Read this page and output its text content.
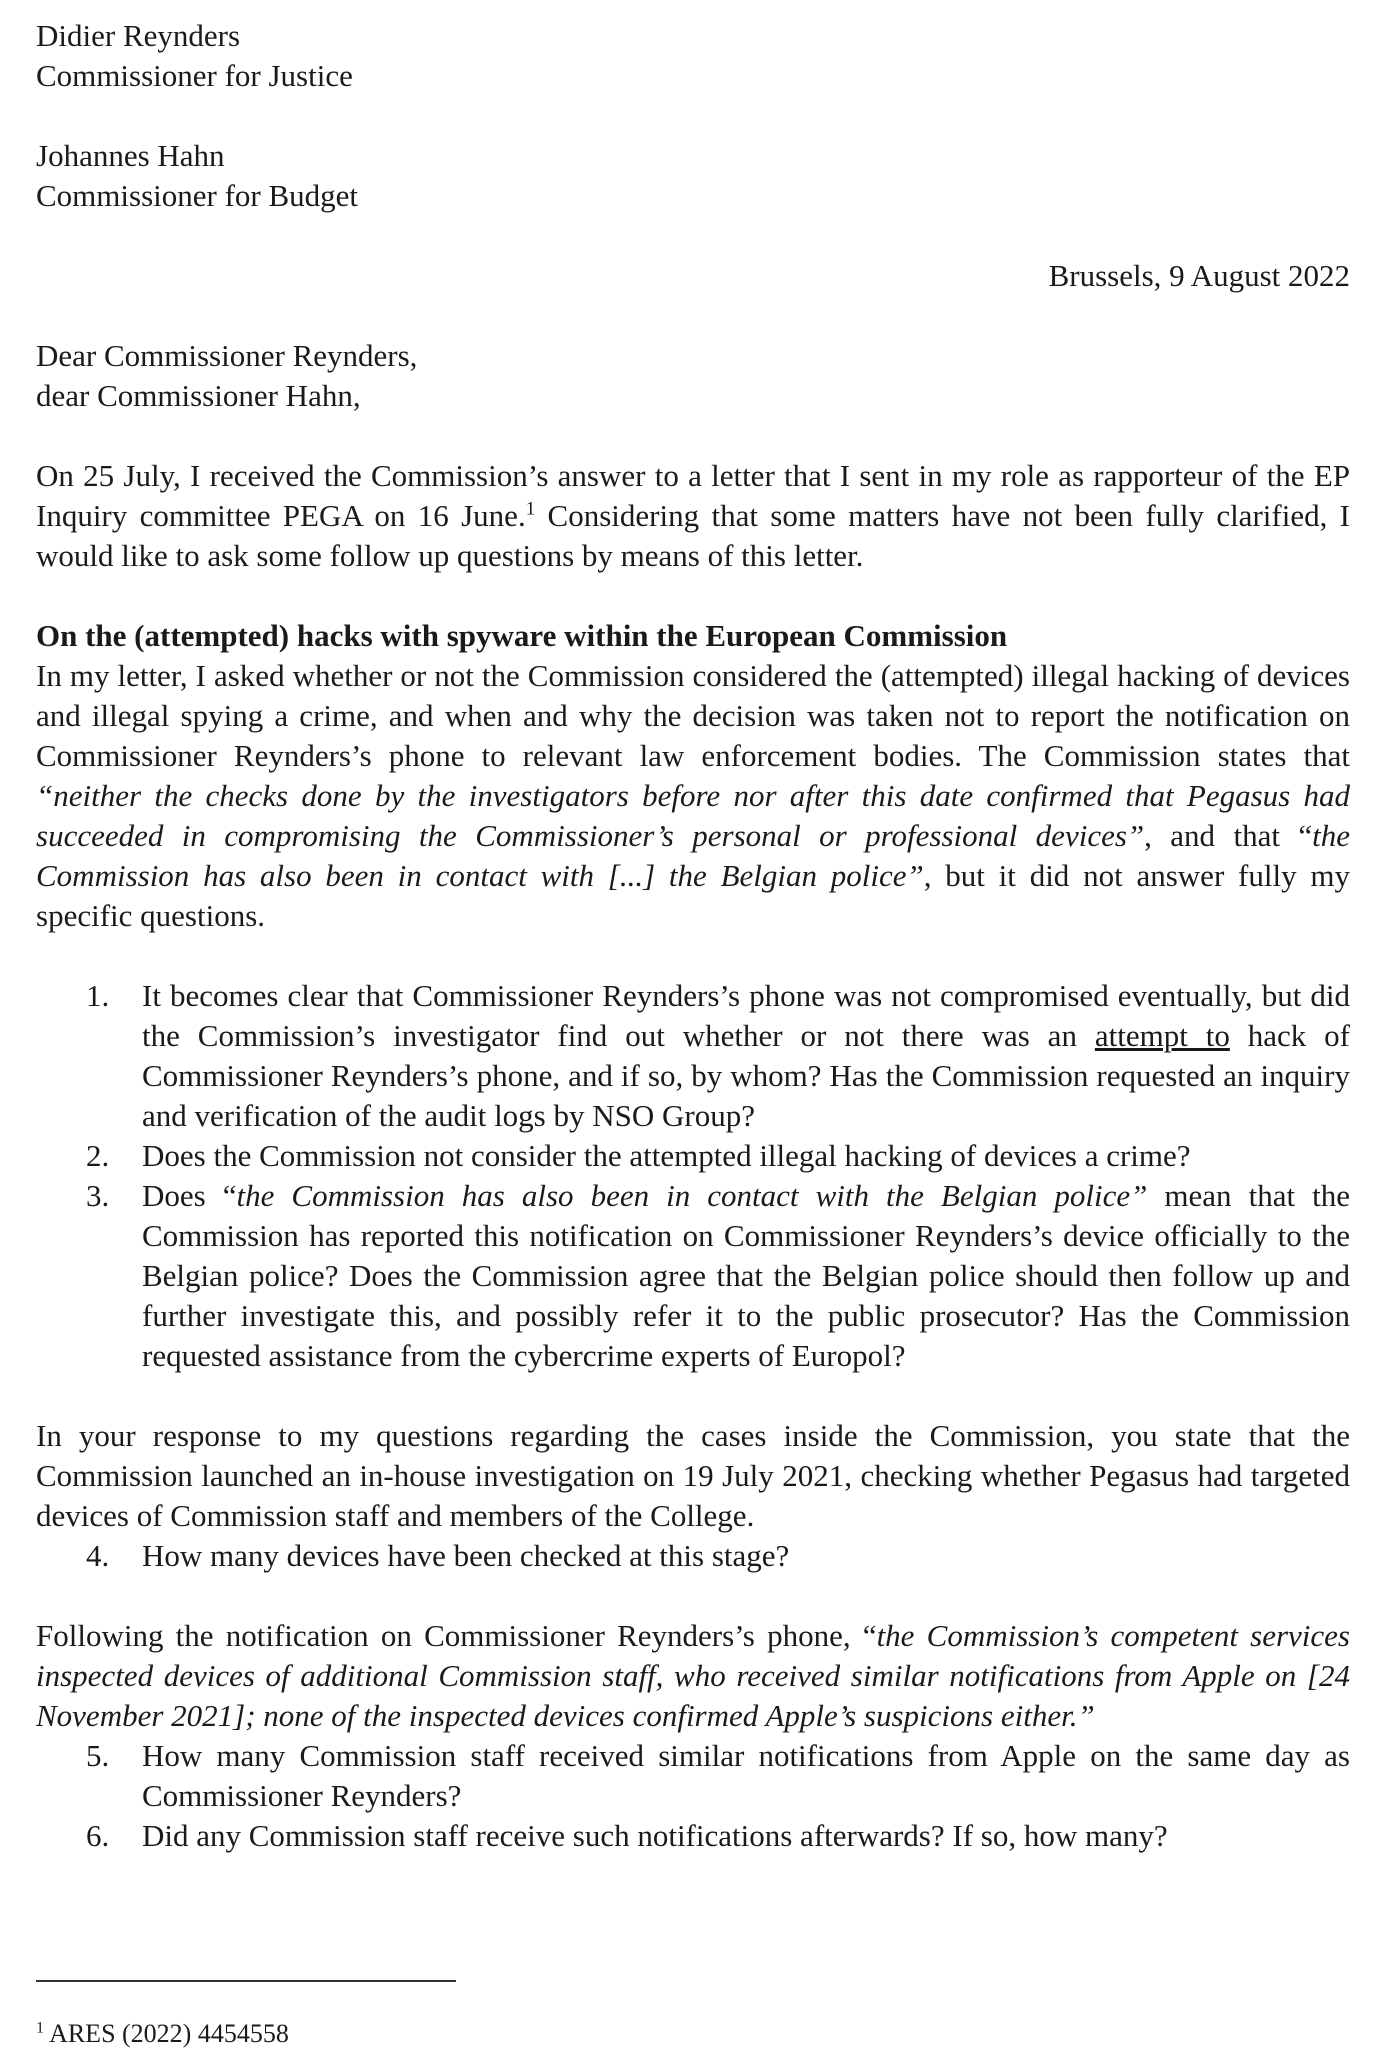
Didier Reynders
Commissioner for Justice
Johannes Hahn
Commissioner for Budget
Brussels, 9 August 2022
Dear Commissioner Reynders,
dear Commissioner Hahn,

On 25 July, I received the Commission’s answer to a letter that I sent in my role as rapporteur of the EP Inquiry committee PEGA on 16 June.$^1$ Considering that some matters have not been fully clarified, I would like to ask some follow up questions by means of this letter.

On the (attempted) hacks with spyware within the European Commission
In my letter, I asked whether or not the Commission considered the (attempted) illegal hacking of devices and illegal spying a crime, and when and why the decision was taken not to report the notification on Commissioner Reynders’s phone to relevant law enforcement bodies. The Commission states that “neither the checks done by the investigators before nor after this date confirmed that Pegasus had succeeded in compromising the Commissioner’s personal or professional devices”, and that “the Commission has also been in contact with [...] the Belgian police”, but it did not answer fully my specific questions.
1. It becomes clear that Commissioner Reynders’s phone was not compromised eventually, but did the Commission’s investigator find out whether or not there was an attempt to hack of Commissioner Reynders’s phone, and if so, by whom? Has the Commission requested an inquiry and verification of the audit logs by NSO Group?
2. Does the Commission not consider the attempted illegal hacking of devices a crime?
3. Does “the Commission has also been in contact with the Belgian police” mean that the Commission has reported this notification on Commissioner Reynders’s device officially to the Belgian police? Does the Commission agree that the Belgian police should then follow up and further investigate this, and possibly refer it to the public prosecutor? Has the Commission requested assistance from the cybercrime experts of Europol?

In your response to my questions regarding the cases inside the Commission, you state that the Commission launched an in-house investigation on 19 July 2021, checking whether Pegasus had targeted devices of Commission staff and members of the College.

4. How many devices have been checked at this stage?

Following the notification on Commissioner Reynders’s phone, “the Commission’s competent services inspected devices of additional Commission staff, who received similar notifications from Apple on [24 November 2021]; none of the inspected devices confirmed Apple’s suspicions either.”

5. How many Commission staff received similar notifications from Apple on the same day as Commissioner Reynders?
6. Did any Commission staff receive such notifications afterwards? If so, how many?
$^1$ ARES (2022) 4454558
